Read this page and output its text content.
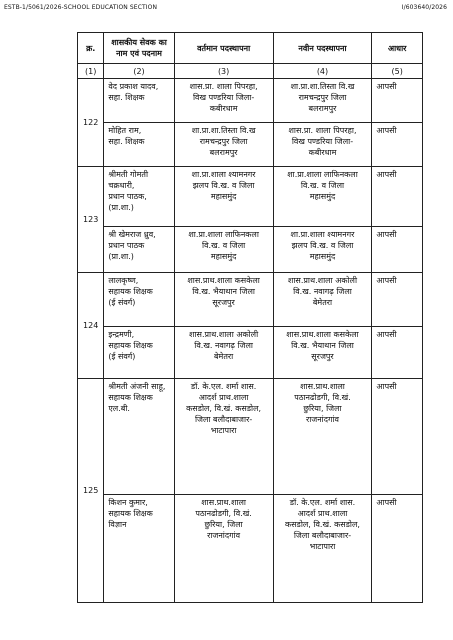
ESTB-1/5061/2026-SCHOOL EDUCATION SECTION	I/603640/2026
क्र.	शासकीय सेवक का
नाम एवं पदनाम	वर्तमान पदस्थापना	नवीन पदस्थापना	आधार
(1)	(2)	(3)	(4)	(5)
122	वेद प्रकाश यादव,
सहा. शिक्षक	शास.प्रा. शाला पिपरहा,
विख पण्डरिया जिला-
कबीरधाम	शा.प्रा.शा.तिस्ता वि.ख
रामचन्द्रपुर जिला
बलरामपुर	आपसी

	मोहित राम,
सहा. शिक्षक	शा.प्रा.शा.तिस्ता वि.ख
रामचन्द्रपुर जिला
बलरामपुर	शास.प्रा. शाला पिपरहा,
विख पण्डरिया जिला-
कबीरधाम	आपसी
123	श्रीमती गोमती
चक्रधारी,
प्रधान पाठक,
(प्रा.शा.)	शा.प्रा.शाला श्यामनगर
झलप वि.ख. व जिला
महासमुंद	शा.प्रा.शाला लाफिनकला
वि.ख. व जिला
महासमुंद	आपसी

	श्री खेमराज ध्रुव,
प्रधान पाठक
(प्रा.शा.)	शा.प्रा.शाला लाफिनकला
वि.ख. व जिला
महासमुंद	शा.प्रा.शाला श्यामनगर
झलप वि.ख. व जिला
महासमुंद	आपसी
124	लालकृष्ण,
सहायक शिक्षक
(ई संवर्ग)	शास.प्राथ.शाला कसकेला
वि.ख. भैयाथान जिला
सूरजपुर	शास.प्राथ.शाला अकोली
वि.ख. नवागढ़ जिला
बेमेतरा	आपसी

	इन्द्रमणी,
सहायक शिक्षक
(ई संवर्ग)	शास.प्राथ.शाला अकोली
वि.ख. नवागढ़ जिला
बेमेतरा	शास.प्राथ.शाला कसकेला
वि.ख. भैयाथान जिला
सूरजपुर	आपसी
125	श्रीमती अंजनी साहू,
सहायक शिक्षक
एल.बी.	डॉ. के.एल. शर्मा शास.
आदर्श प्राथ.शाला
कसडोल, वि.खं. कसडोल,
जिला बलौदाबाजार-
भाटापारा	शास.प्राथ.शाला
पठानढोडगी, वि.खं.
छुरिया, जिला
राजनांदगांव	आपसी

	किशन कुमार,
सहायक शिक्षक
विज्ञान	शास.प्राथ.शाला
पठानढोडगी, वि.खं.
छुरिया, जिला
राजनांदगांव	डॉ. के.एल. शर्मा शास.
आदर्श प्राथ.शाला
कसडोल, वि.खं. कसडोल,
जिला बलौदाबाजार-
भाटापारा	आपसी
